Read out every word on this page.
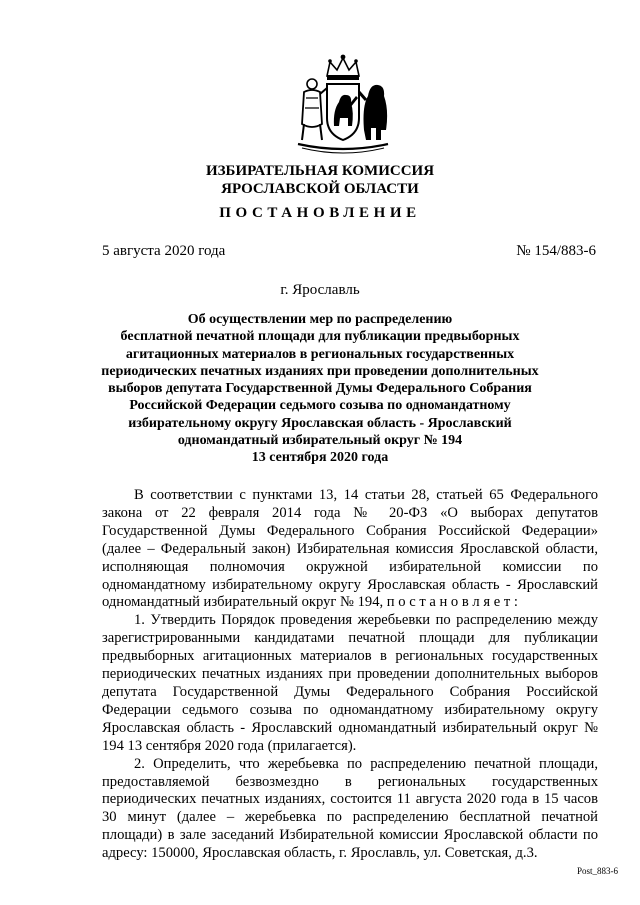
ИЗБИРАТЕЛЬНАЯ КОМИССИЯ
ЯРОСЛАВСКОЙ ОБЛАСТИ
ПОСТАНОВЛЕНИЕ
5 августа 2020 года	№ 154/883-6
г. Ярославль
Об осуществлении мер по распределению
бесплатной печатной площади для публикации предвыборных
агитационных материалов в региональных государственных
периодических печатных изданиях при проведении дополнительных
выборов депутата Государственной Думы Федерального Собрания
Российской Федерации седьмого созыва по одномандатному
избирательному округу Ярославская область - Ярославский
одномандатный избирательный округ № 194
13 сентября 2020 года

В соответствии с пунктами 13, 14 статьи 28, статьей 65 Федерального закона от 22 февраля 2014 года № 20-ФЗ «О выборах депутатов Государственной Думы Федерального Собрания Российской Федерации» (далее – Федеральный закон) Избирательная комиссия Ярославской области, исполняющая полномочия окружной избирательной комиссии по одномандатному избирательному округу Ярославская область - Ярославский одномандатный избирательный округ № 194, п о с т а н о в л я е т :

1. Утвердить Порядок проведения жеребьевки по распределению между зарегистрированными кандидатами печатной площади для публикации предвыборных агитационных материалов в региональных государственных периодических печатных изданиях при проведении дополнительных выборов депутата Государственной Думы Федерального Собрания Российской Федерации седьмого созыва по одномандатному избирательному округу Ярославская область - Ярославский одномандатный избирательный округ № 194 13 сентября 2020 года (прилагается).

2. Определить, что жеребьевка по распределению печатной площади, предоставляемой безвозмездно в региональных государственных периодических печатных изданиях, состоится 11 августа 2020 года в 15 часов 30 минут (далее – жеребьевка по распределению бесплатной печатной площади) в зале заседаний Избирательной комиссии Ярославской области по адресу: 150000, Ярославская область, г. Ярославль, ул. Советская, д.3.

Post_883-6
